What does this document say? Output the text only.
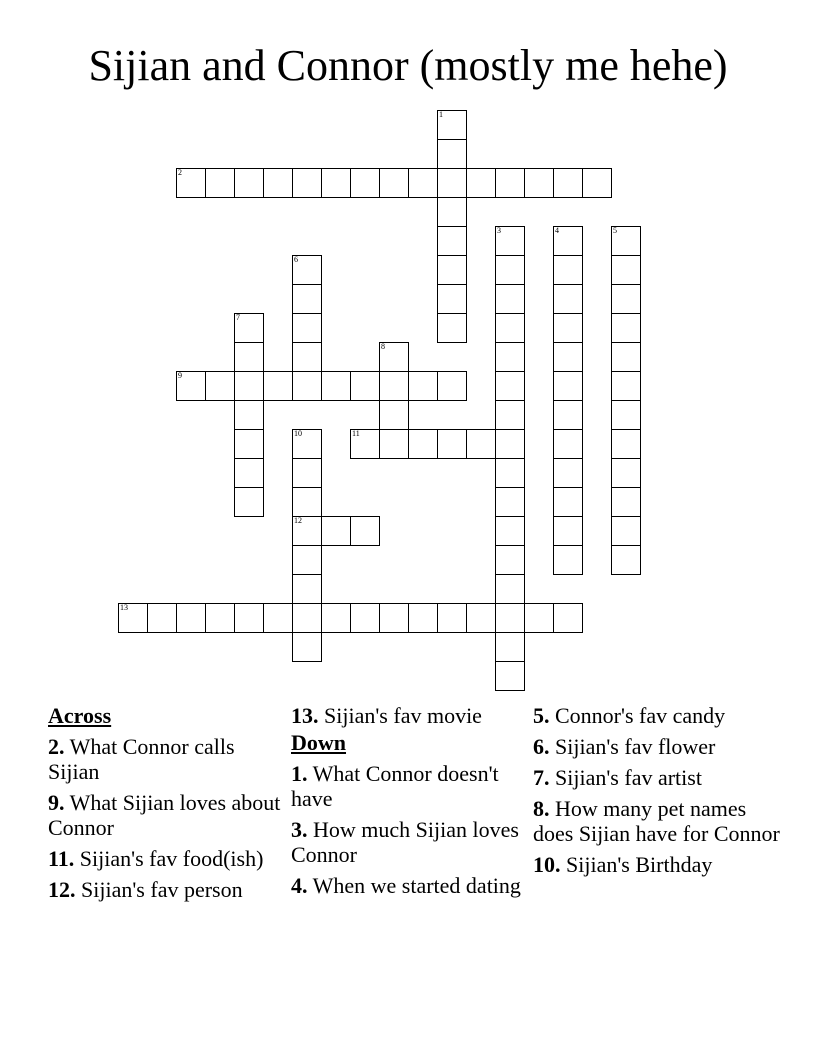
Sijian and Connor (mostly me hehe)
1
2
3	4	5
6
7
8
9
10
12
11
13
Across
2. What Connor calls Sijian
9. What Sijian loves about Connor
11. Sijian's fav food(ish)
12. Sijian's fav person
13. Sijian's fav movie
Down
1. What Connor doesn't have
3. How much Sijian loves Connor
4. When we started dating
5. Connor's fav candy
6. Sijian's fav flower
7. Sijian's fav artist
8. How many pet names does Sijian have for Connor
10. Sijian's Birthday
